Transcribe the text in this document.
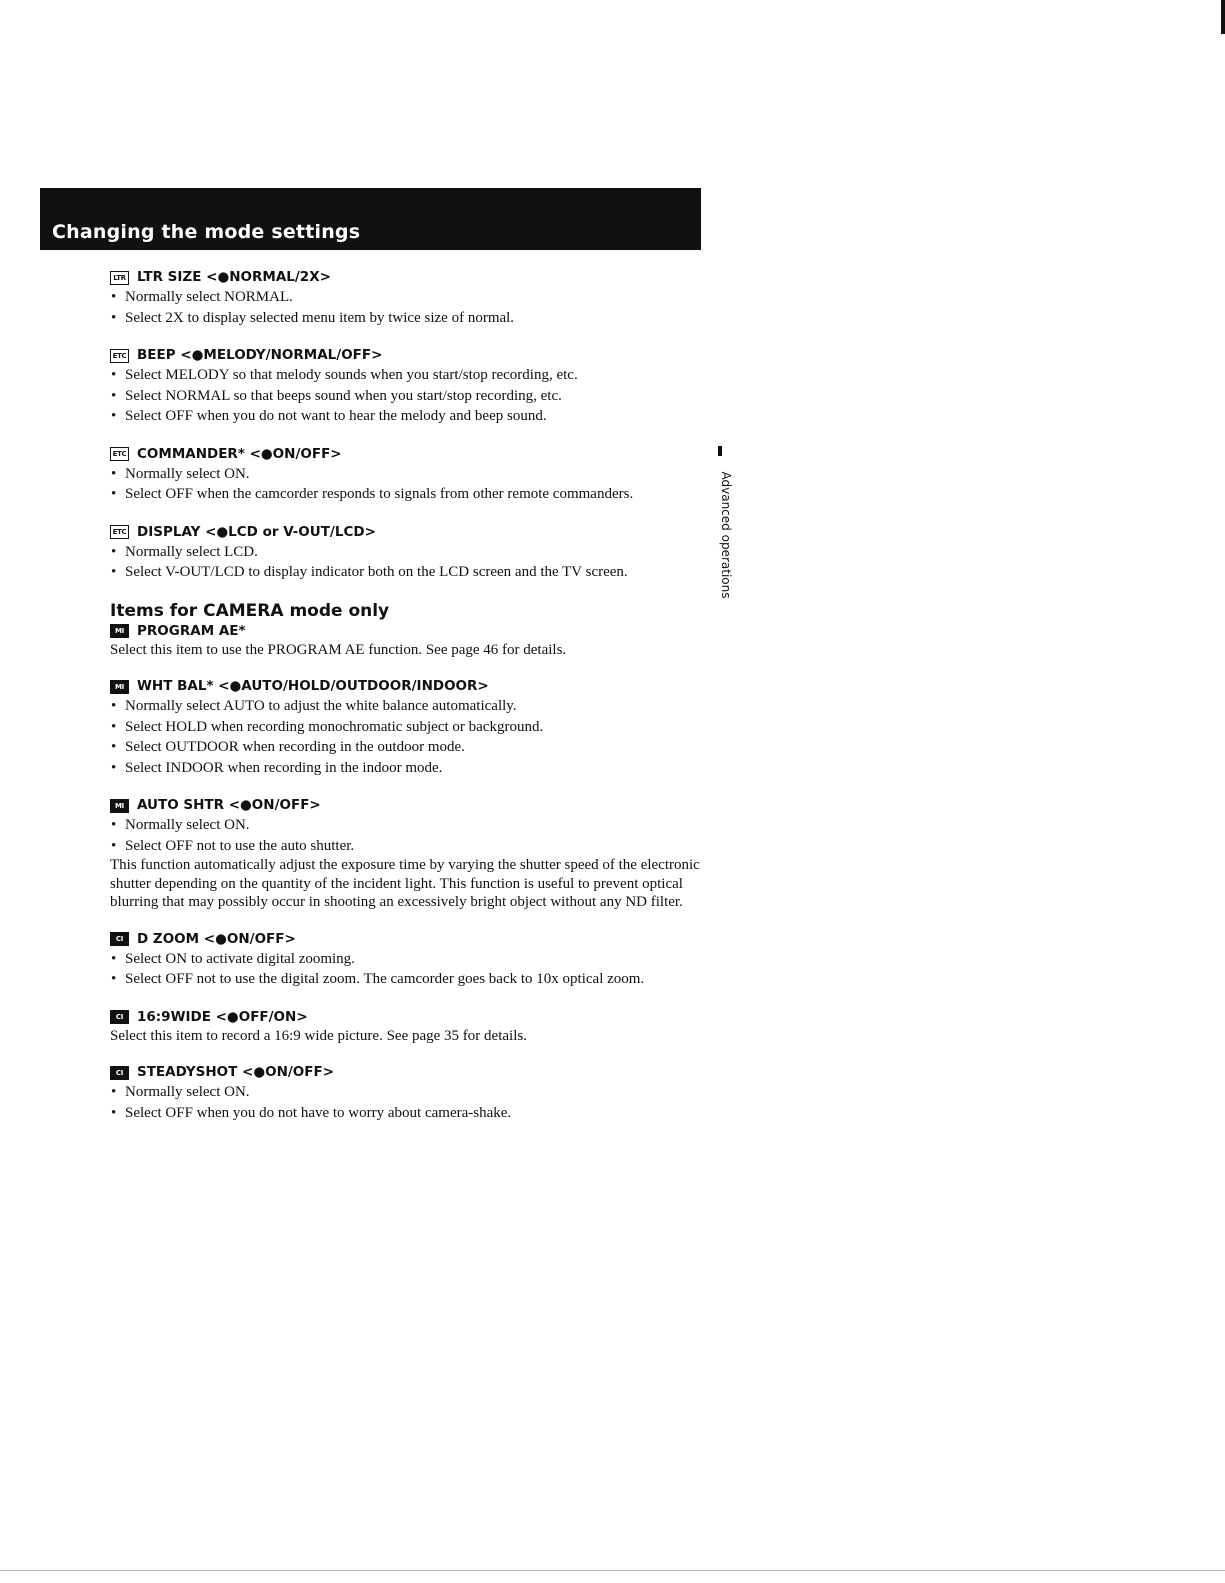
Changing the mode settings
Advanced operations
LTR LTR SIZE <●NORMAL/2X>
• Normally select NORMAL.
• Select 2X to display selected menu item by twice size of normal.
ETC BEEP <●MELODY/NORMAL/OFF>
• Select MELODY so that melody sounds when you start/stop recording, etc.
• Select NORMAL so that beeps sound when you start/stop recording, etc.
• Select OFF when you do not want to hear the melody and beep sound.
ETC COMMANDER* <●ON/OFF>
• Normally select ON.
• Select OFF when the camcorder responds to signals from other remote commanders.
ETC DISPLAY <●LCD or V-OUT/LCD>
• Normally select LCD.
• Select V-OUT/LCD to display indicator both on the LCD screen and the TV screen.
Items for CAMERA mode only
MI PROGRAM AE*

Select this item to use the PROGRAM AE function. See page 46 for details.

MI WHT BAL* <●AUTO/HOLD/OUTDOOR/INDOOR>
• Normally select AUTO to adjust the white balance automatically.
• Select HOLD when recording monochromatic subject or background.
• Select OUTDOOR when recording in the outdoor mode.
• Select INDOOR when recording in the indoor mode.
MI AUTO SHTR <●ON/OFF>
• Normally select ON.
• Select OFF not to use the auto shutter.

This function automatically adjust the exposure time by varying the shutter speed of the electronic shutter depending on the quantity of the incident light. This function is useful to prevent optical blurring that may possibly occur in shooting an excessively bright object without any ND filter.

CI	D ZOOM <●ON/OFF>
• Select ON to activate digital zooming.
• Select OFF not to use the digital zoom. The camcorder goes back to 10x optical zoom.
CI	16:9WIDE <●OFF/ON>

Select this item to record a 16:9 wide picture. See page 35 for details.

CI	STEADYSHOT <●ON/OFF>
• Normally select ON.
• Select OFF when you do not have to worry about camera-shake.
